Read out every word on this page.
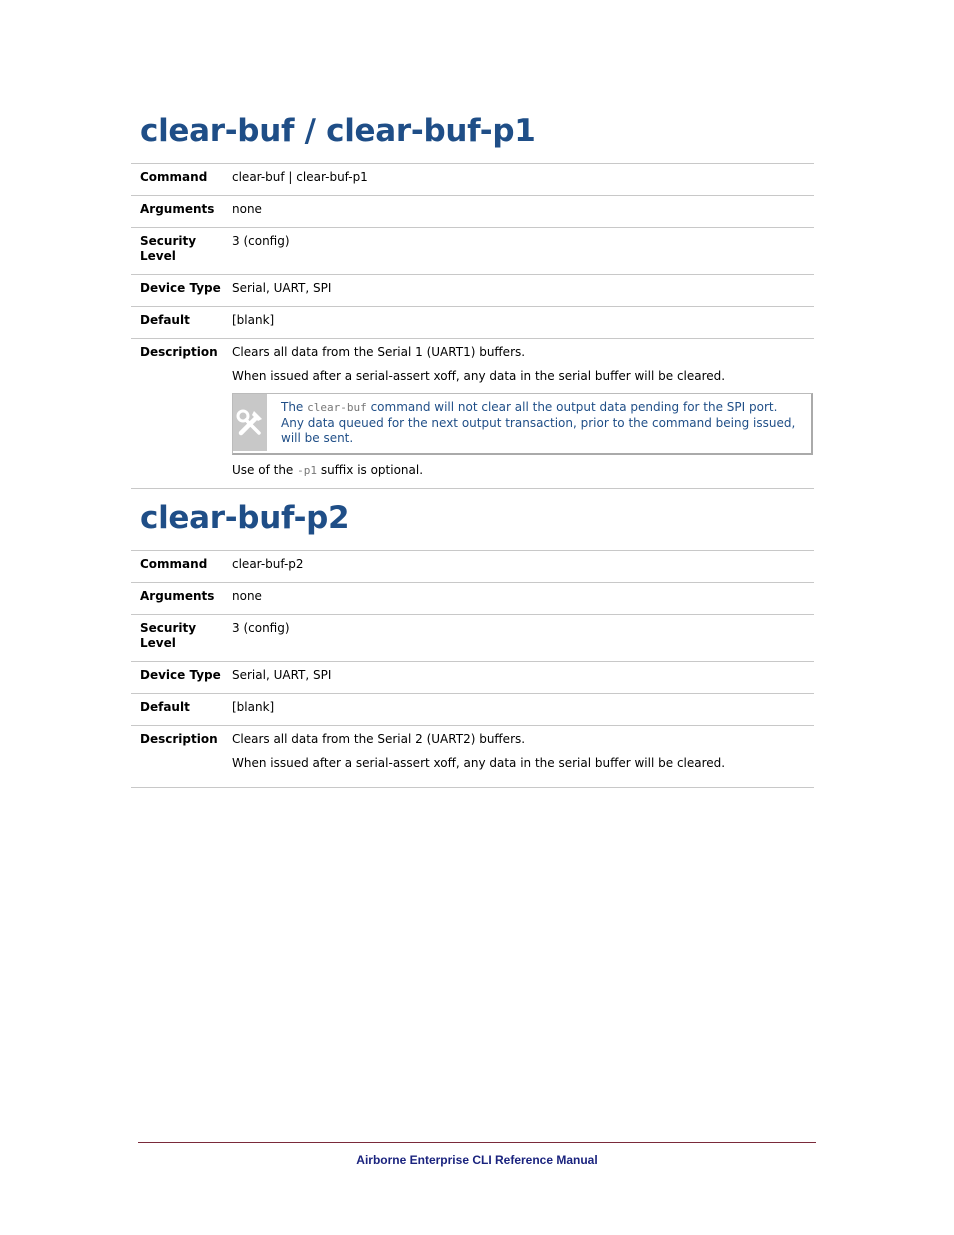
clear-buf / clear-buf-p1
Command	clear-buf | clear-buf-p1

Arguments	none

Security
Level	3 (config)

Device Type	Serial, UART, SPI

Default	[blank]

Description	Clears all data from the Serial 1 (UART1) buffers.

When issued after a serial-assert xoff, any data in the serial buffer will be cleared.

The clear-buf command will not clear all the output data pending for the SPI port. Any data queued for the next output transaction, prior to the command being issued, will be sent.

Use of the -p1 suffix is optional.

clear-buf-p2
Command	clear-buf-p2

Arguments	none

Security
Level	3 (config)

Device Type	Serial, UART, SPI

Default	[blank]

Description	Clears all data from the Serial 2 (UART2) buffers.

When issued after a serial-assert xoff, any data in the serial buffer will be cleared.

Airborne Enterprise CLI Reference Manual
